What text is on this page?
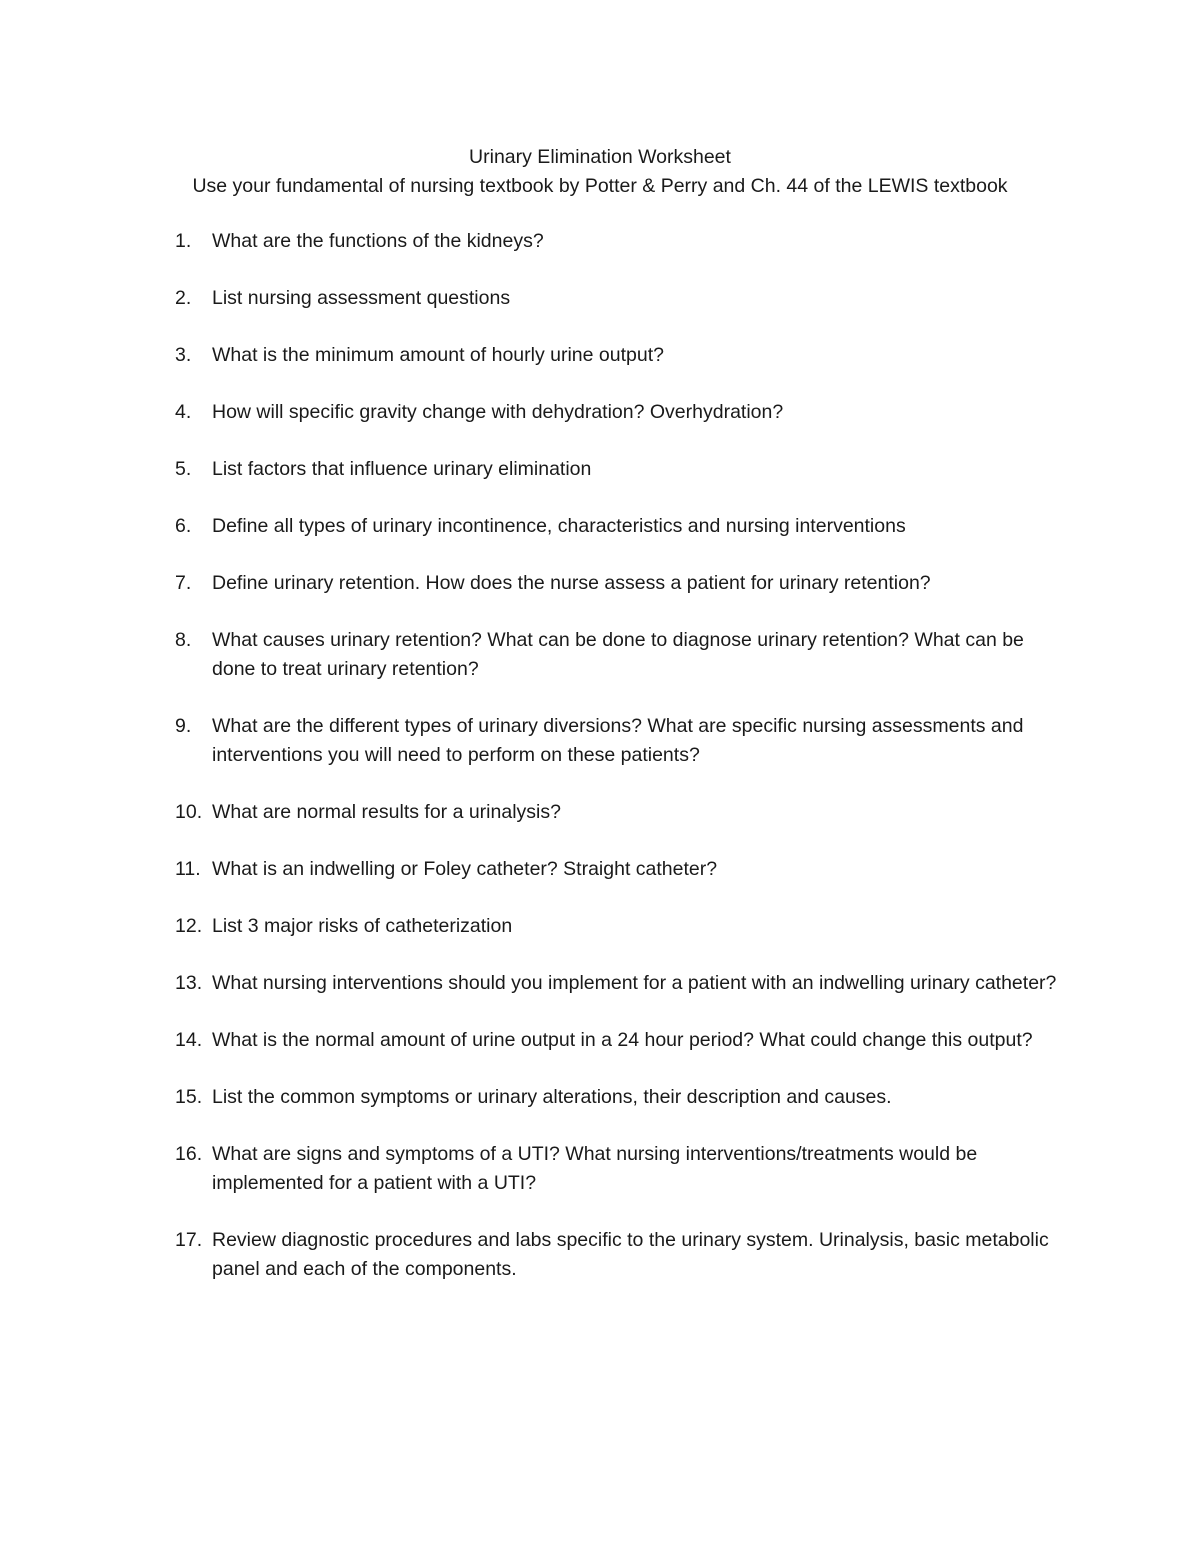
Urinary Elimination Worksheet
Use your fundamental of nursing textbook by Potter & Perry and Ch. 44 of the LEWIS textbook
1. What are the functions of the kidneys?
2. List nursing assessment questions
3. What is the minimum amount of hourly urine output?
4. How will specific gravity change with dehydration? Overhydration?
5. List factors that influence urinary elimination
6. Define all types of urinary incontinence, characteristics and nursing interventions
7. Define urinary retention. How does the nurse assess a patient for urinary retention?
8. What causes urinary retention? What can be done to diagnose urinary retention? What can be done to treat urinary retention?
9. What are the different types of urinary diversions? What are specific nursing assessments and interventions you will need to perform on these patients?
10. What are normal results for a urinalysis?
11. What is an indwelling or Foley catheter? Straight catheter?
12. List 3 major risks of catheterization
13. What nursing interventions should you implement for a patient with an indwelling urinary catheter?
14. What is the normal amount of urine output in a 24 hour period? What could change this output?
15. List the common symptoms or urinary alterations, their description and causes.
16. What are signs and symptoms of a UTI? What nursing interventions/treatments would be implemented for a patient with a UTI?
17. Review diagnostic procedures and labs specific to the urinary system. Urinalysis, basic metabolic panel and each of the components.
